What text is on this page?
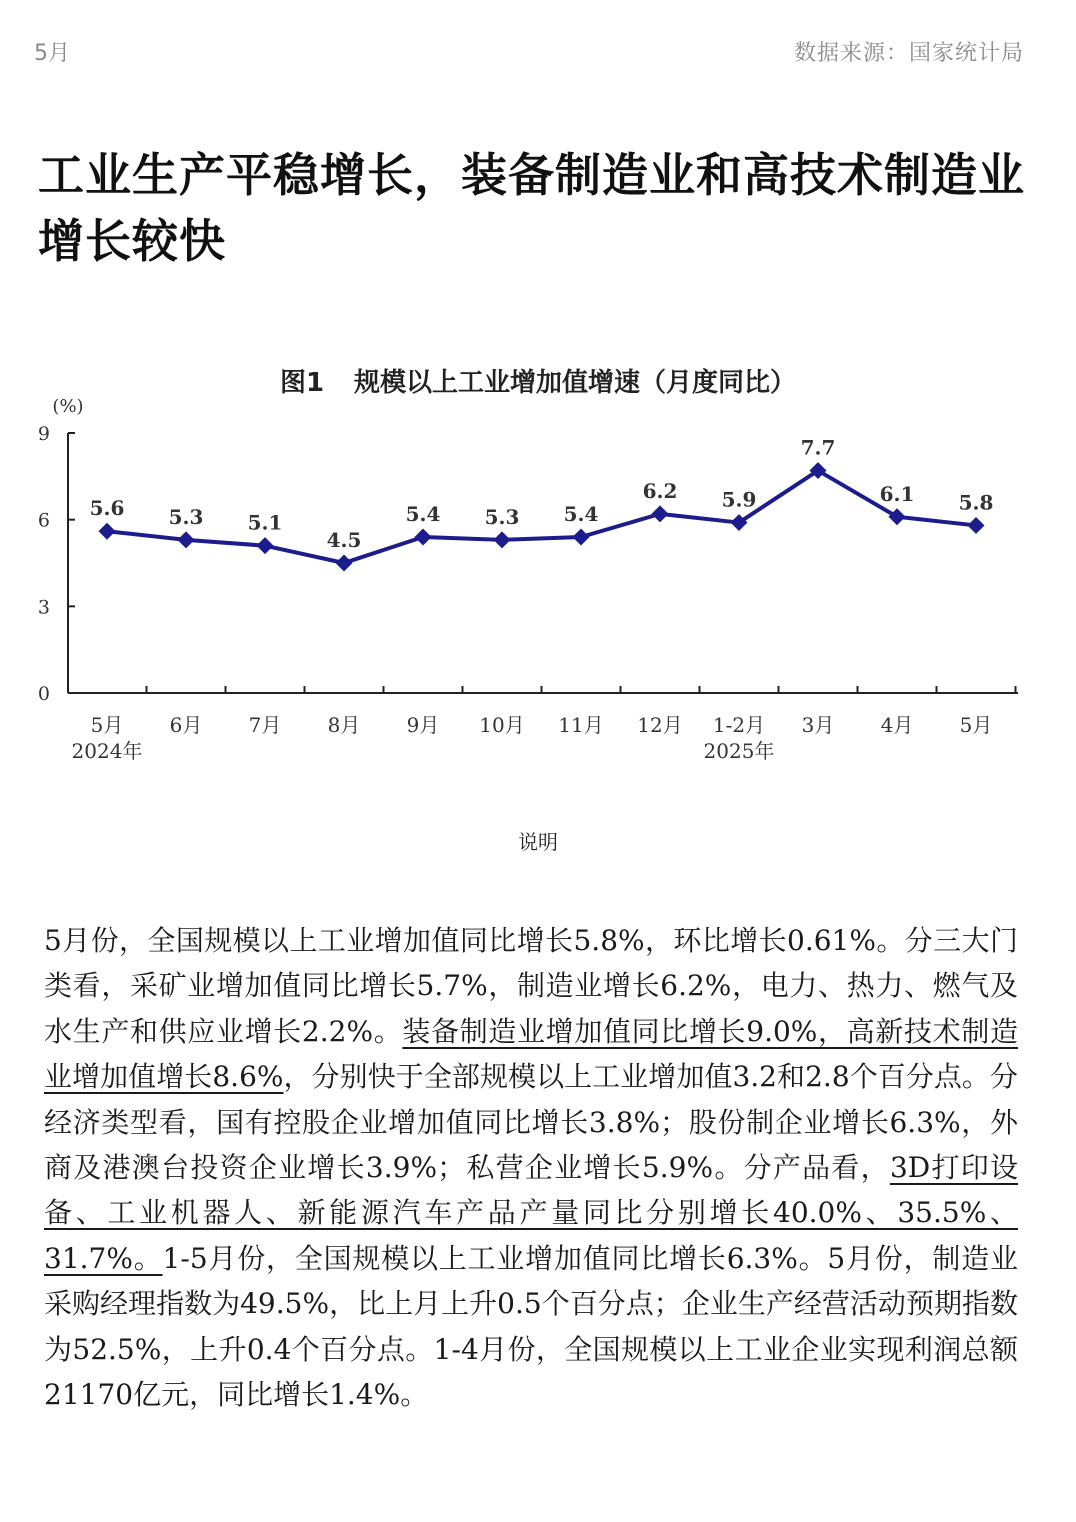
5月	数据来源：国家统计局
工业生产平稳增长，装备制造业和高技术制造业增长较快
图1 规模以上工业增加值增速（月度同比）
(%)
0
3
6
9
5月 6月 7月 8月 9月 10月 11月 12月 1-2月 3月 4月 5月
2024年	2025年
5.6 5.3 5.1
4.5
5.4 5.3 5.4
6.2 5.9
7.7
6.1 5.8
说明
5月份，全国规模以上工业增加值同比增长5.8%，环比增长0.61%。分三大门类看，采矿业增加值同比增长5.7%，制造业增长6.2%，电力、热力、燃气及水生产和供应业增长2.2%。装备制造业增加值同比增长9.0%，高新技术制造业增加值增长8.6%，分别快于全部规模以上工业增加值3.2和2.8个百分点。分经济类型看，国有控股企业增加值同比增长3.8%；股份制企业增长6.3%，外商及港澳台投资企业增长3.9%；私营企业增长5.9%。分产品看，3D打印设备、工业机器人、新能源汽车产品产量同比分别增长40.0%、35.5%、31.7%。1-5月份，全国规模以上工业增加值同比增长6.3%。5月份，制造业采购经理指数为49.5%，比上月上升0.5个百分点；企业生产经营活动预期指数为52.5%，上升0.4个百分点。1-4月份，全国规模以上工业企业实现利润总额21170亿元，同比增长1.4%。
